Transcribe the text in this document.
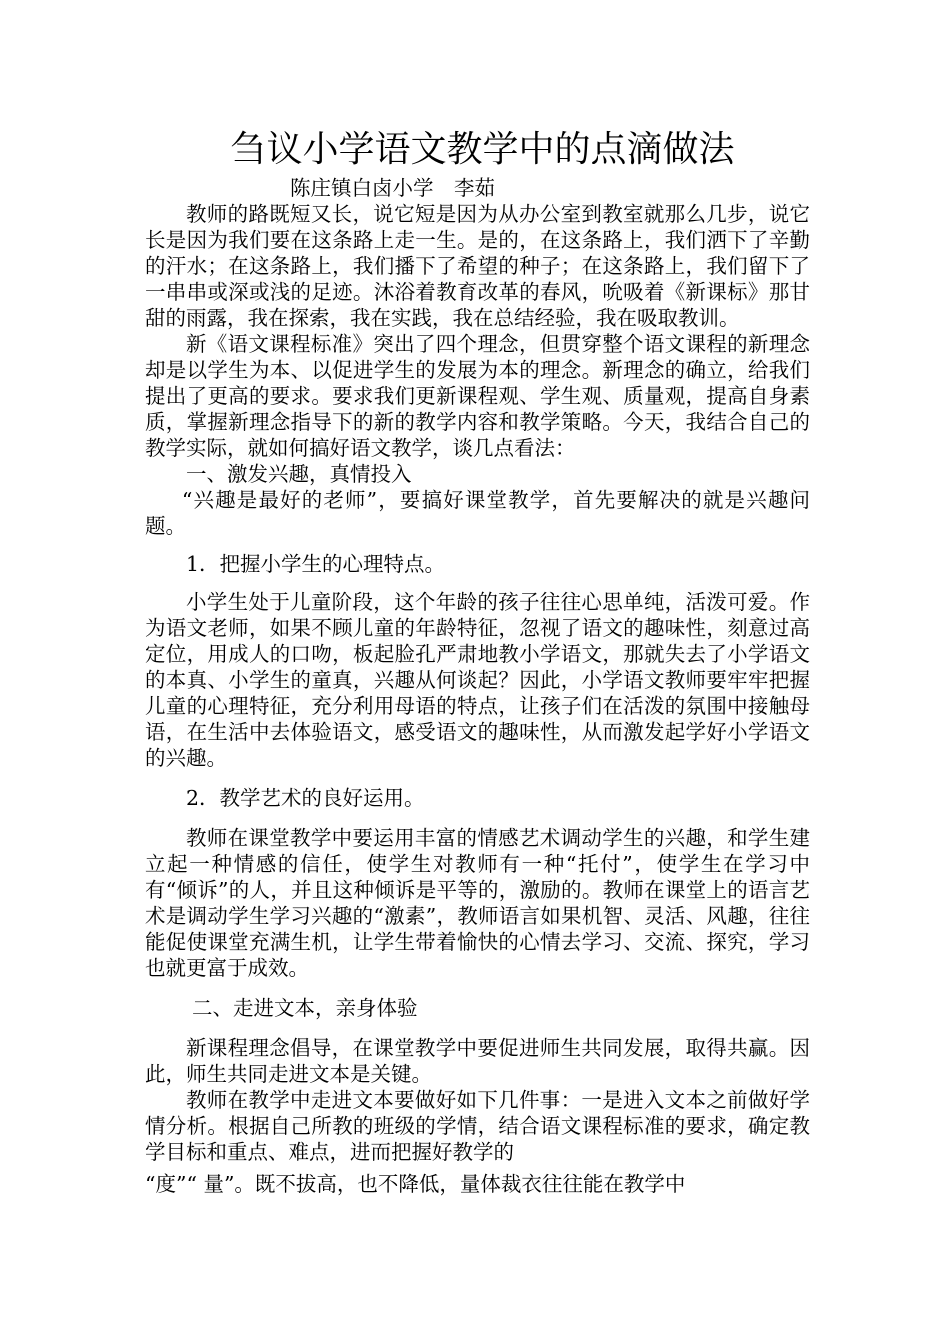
刍议小学语文教学中的点滴做法
陈庄镇白卤小学　李茹

教师的路既短又长，说它短是因为从办公室到教室就那么几步，说它长是因为我们要在这条路上走一生。是的，在这条路上，我们洒下了辛勤的汗水；在这条路上，我们播下了希望的种子；在这条路上，我们留下了一串串或深或浅的足迹。沐浴着教育改革的春风，吮吸着《新课标》那甘甜的雨露，我在探索，我在实践，我在总结经验，我在吸取教训。

新《语文课程标准》突出了四个理念，但贯穿整个语文课程的新理念却是以学生为本、以促进学生的发展为本的理念。新理念的确立，给我们提出了更高的要求。要求我们更新课程观、学生观、质量观，提高自身素质，掌握新理念指导下的新的教学内容和教学策略。今天，我结合自己的教学实际，就如何搞好语文教学，谈几点看法：

一、激发兴趣，真情投入

“兴趣是最好的老师”，要搞好课堂教学，首先要解决的就是兴趣问题。

1．把握小学生的心理特点。

小学生处于儿童阶段，这个年龄的孩子往往心思单纯，活泼可爱。作为语文老师，如果不顾儿童的年龄特征，忽视了语文的趣味性，刻意过高定位，用成人的口吻，板起脸孔严肃地教小学语文，那就失去了小学语文的本真、小学生的童真，兴趣从何谈起？因此，小学语文教师要牢牢把握儿童的心理特征，充分利用母语的特点，让孩子们在活泼的氛围中接触母语，在生活中去体验语文，感受语文的趣味性，从而激发起学好小学语文的兴趣。

2．教学艺术的良好运用。

教师在课堂教学中要运用丰富的情感艺术调动学生的兴趣，和学生建立起一种情感的信任，使学生对教师有一种“托付”，使学生在学习中有“倾诉”的人，并且这种倾诉是平等的，激励的。教师在课堂上的语言艺术是调动学生学习兴趣的“激素”，教师语言如果机智、灵活、风趣，往往能促使课堂充满生机，让学生带着愉快的心情去学习、交流、探究，学习也就更富于成效。

二、走进文本，亲身体验

新课程理念倡导，在课堂教学中要促进师生共同发展，取得共赢。因此，师生共同走进文本是关键。

教师在教学中走进文本要做好如下几件事：一是进入文本之前做好学情分析。根据自己所教的班级的学情，结合语文课程标准的要求，确定教学目标和重点、难点，进而把握好教学的

“度”“ 量”。既不拔高，也不降低，量体裁衣往往能在教学中
